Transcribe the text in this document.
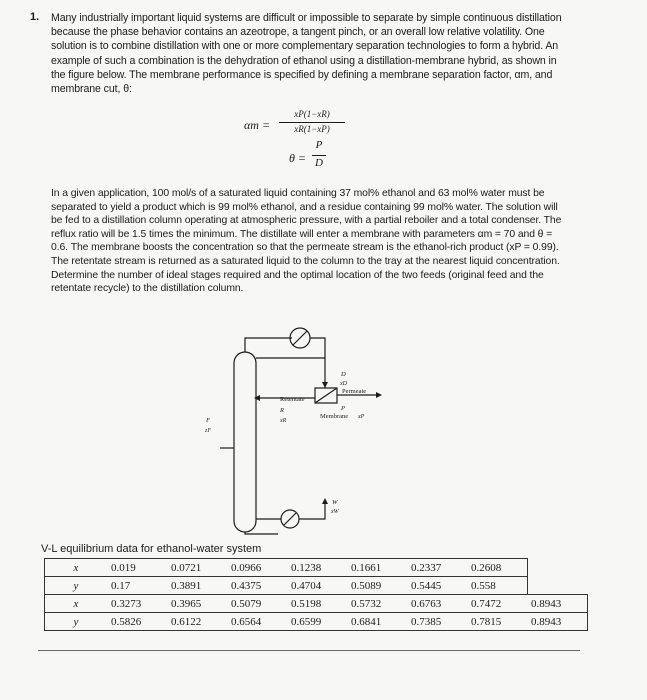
1. Many industrially important liquid systems are difficult or impossible to separate by simple continuous distillation because the phase behavior contains an azeotrope, a tangent pinch, or an overall low relative volatility. One solution is to combine distillation with one or more complementary separation technologies to form a hybrid. An example of such a combination is the dehydration of ethanol using a distillation-membrane hybrid, as shown in the figure below. The membrane performance is specified by defining a membrane separation factor, αm, and membrane cut, θ:
αm =
xP(1−xR)
xR(1−xP)
θ =
P
D
In a given application, 100 mol/s of a saturated liquid containing 37 mol% ethanol and 63 mol% water must be separated to yield a product which is 99 mol% ethanol, and a residue containing 99 mol% water. The solution will be fed to a distillation column operating at atmospheric pressure, with a partial reboiler and a total condenser. The reflux ratio will be 1.5 times the minimum. The distillate will enter a membrane with parameters αm = 70 and θ = 0.6. The membrane boosts the concentration so that the permeate stream is the ethanol-rich product (xP = 0.99). The retentate stream is returned as a saturated liquid to the column to the tray at the nearest liquid concentration. Determine the number of ideal stages required and the optimal location of the two feeds (original feed and the retentate recycle) to the distillation column.
Retentate
R
xR
Permeate
Membrane
P
xP
D
xD
F
zF
W
xW
V-L equilibrium data for ethanol-water system
x	0.019	0.0721	0.0966	0.1238	0.1661	0.2337	0.2608	
y	0.17	0.3891	0.4375	0.4704	0.5089	0.5445	0.558	
x	0.3273	0.3965	0.5079	0.5198	0.5732	0.6763	0.7472	0.8943
y	0.5826	0.6122	0.6564	0.6599	0.6841	0.7385	0.7815	0.8943
